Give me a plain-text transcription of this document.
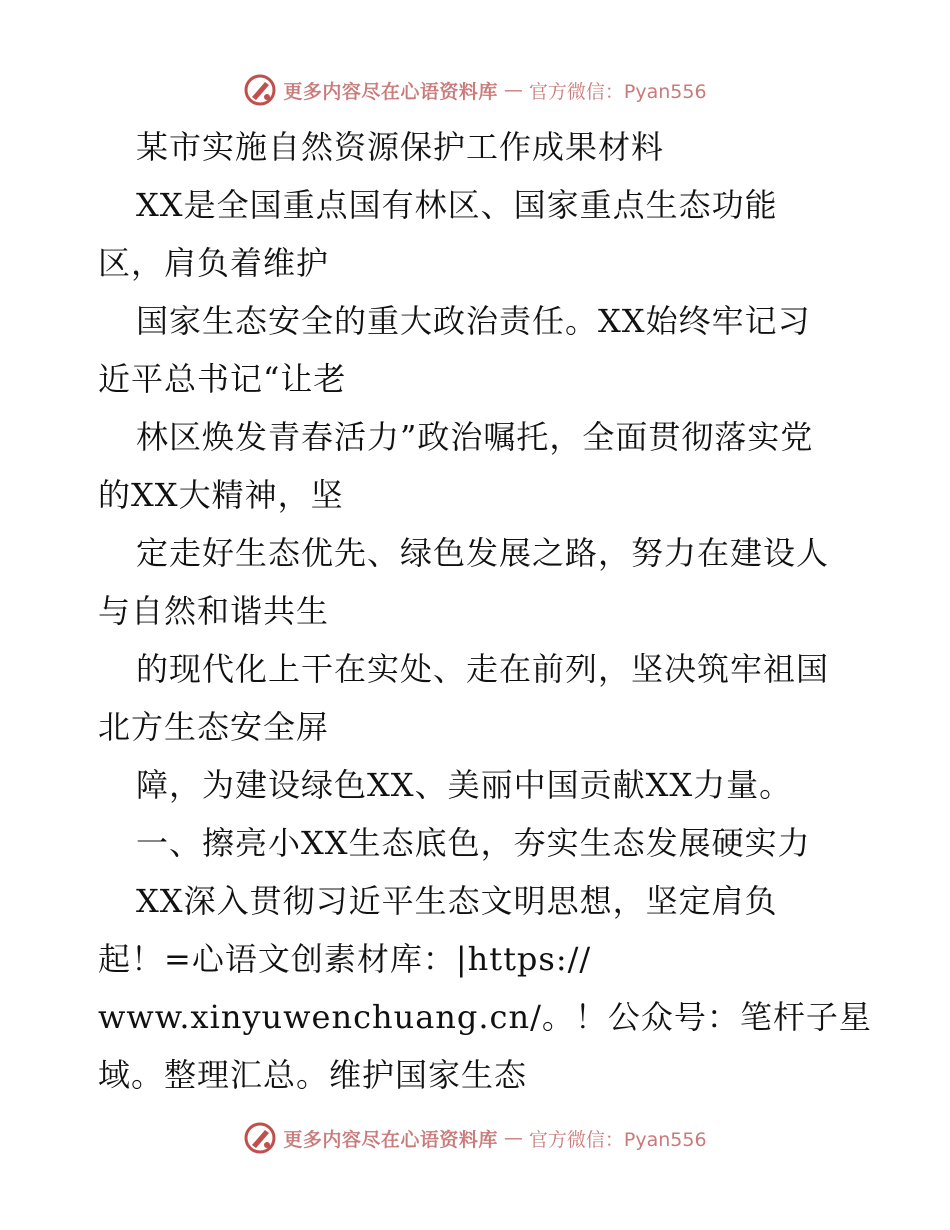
更多内容尽在心语资料库 — 官方微信：Pyan556
某市实施自然资源保护工作成果材料
XX是全国重点国有林区、国家重点生态功能
区，肩负着维护
国家生态安全的重大政治责任。XX始终牢记习
近平总书记“让老
林区焕发青春活力”政治嘱托，全面贯彻落实党
的XX大精神，坚
定走好生态优先、绿色发展之路，努力在建设人
与自然和谐共生
的现代化上干在实处、走在前列，坚决筑牢祖国
北方生态安全屏
障，为建设绿色XX、美丽中国贡献XX力量。
一、擦亮小XX生态底色，夯实生态发展硬实力
XX深入贯彻习近平生态文明思想，坚定肩负
起！=心语文创素材库：|https://
www.xinyuwenchuang.cn/。！公众号：笔杆子星
域。整理汇总。维护国家生态
更多内容尽在心语资料库 — 官方微信：Pyan556
